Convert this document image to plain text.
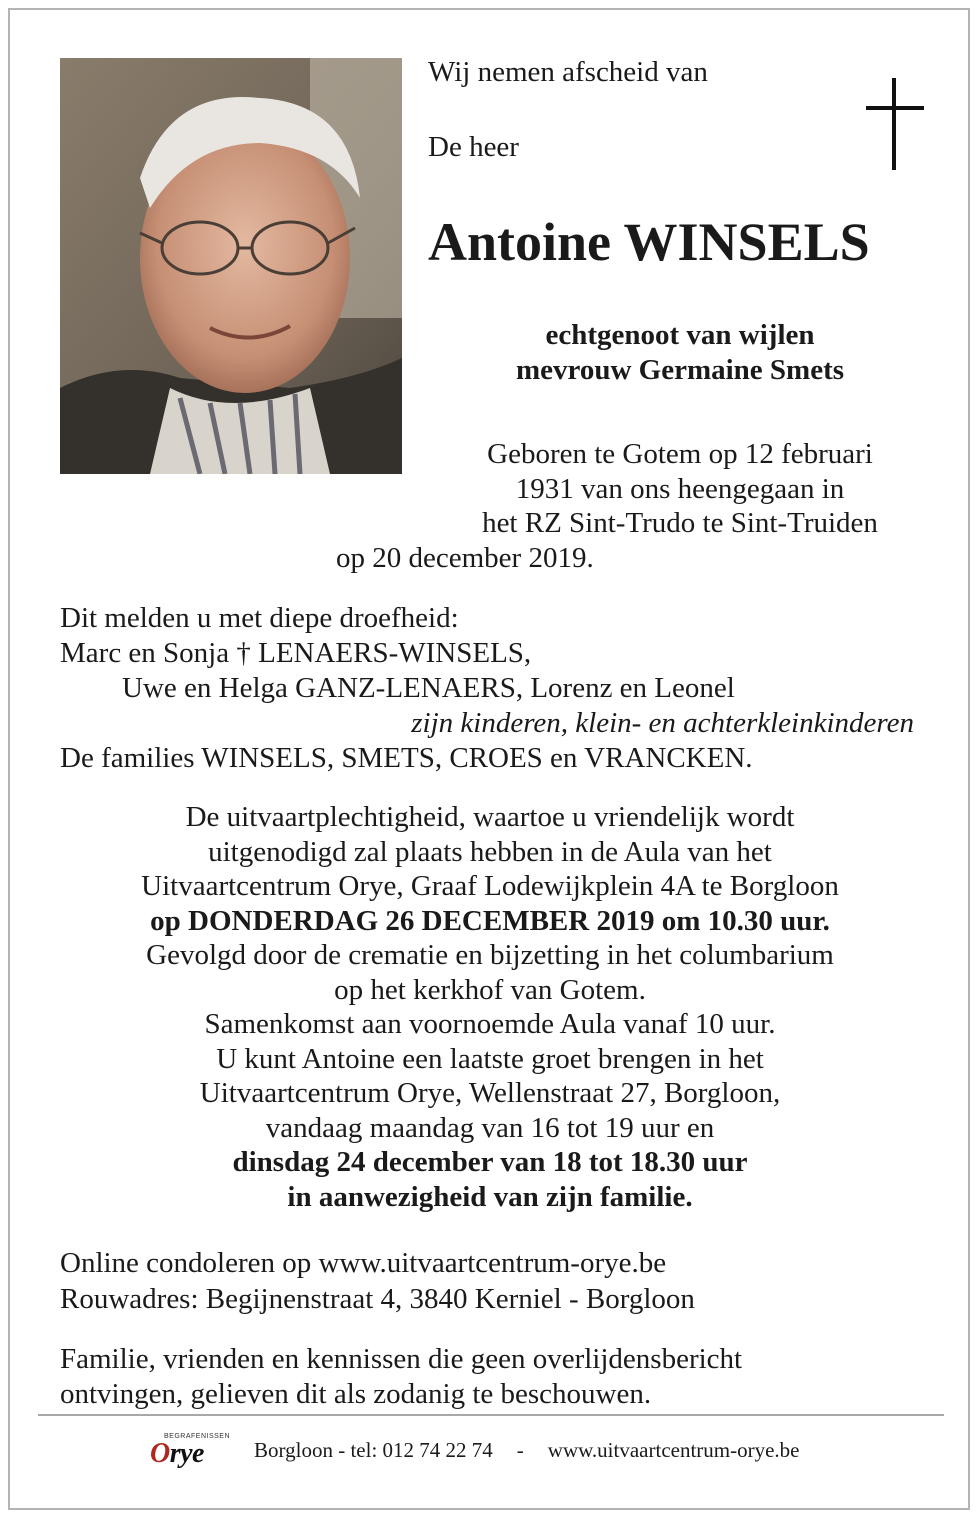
Wij nemen afscheid van
De heer
Antoine WINSELS
echtgenoot van wijlen
mevrouw Germaine Smets
Geboren te Gotem op 12 februari
1931 van ons heengegaan in
het RZ Sint-Trudo te Sint-Truiden
op 20 december 2019.
Dit melden u met diepe droefheid:
Marc en Sonja † LENAERS-WINSELS,
Uwe en Helga GANZ-LENAERS, Lorenz en Leonel
zijn kinderen, klein- en achterkleinkinderen
De families WINSELS, SMETS, CROES en VRANCKEN.
De uitvaartplechtigheid, waartoe u vriendelijk wordt
uitgenodigd zal plaats hebben in de Aula van het
Uitvaartcentrum Orye, Graaf Lodewijkplein 4A te Borgloon
op DONDERDAG 26 DECEMBER 2019 om 10.30 uur.
Gevolgd door de crematie en bijzetting in het columbarium
op het kerkhof van Gotem.
Samenkomst aan voornoemde Aula vanaf 10 uur.
U kunt Antoine een laatste groet brengen in het
Uitvaartcentrum Orye, Wellenstraat 27, Borgloon,
vandaag maandag van 16 tot 19 uur en
dinsdag 24 december van 18 tot 18.30 uur
in aanwezigheid van zijn familie.
Online condoleren op www.uitvaartcentrum-orye.be
Rouwadres: Begijnenstraat 4, 3840 Kerniel - Borgloon
Familie, vrienden en kennissen die geen overlijdensbericht
ontvingen, gelieven dit als zodanig te beschouwen.
BEGRAFENISSEN
Orye Borgloon - tel: 012 74 22 74 - www.uitvaartcentrum-orye.be
